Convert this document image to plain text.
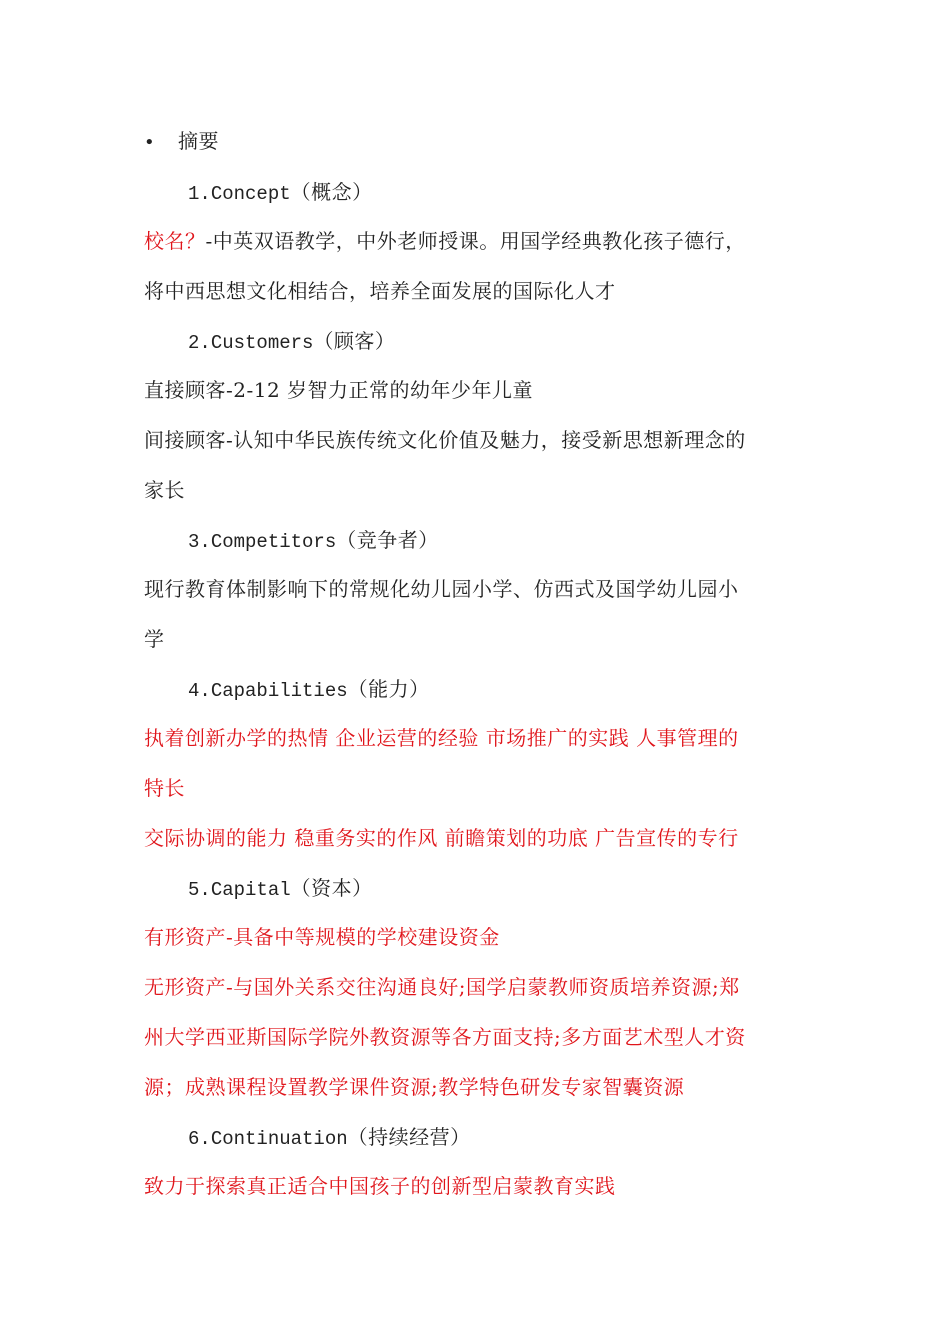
• 摘要
1.Concept（概念）
校名？-中英双语教学，中外老师授课。用国学经典教化孩子德行，
将中西思想文化相结合，培养全面发展的国际化人才
2.Customers（顾客）
直接顾客-2-12 岁智力正常的幼年少年儿童
间接顾客-认知中华民族传统文化价值及魅力，接受新思想新理念的
家长
3.Competitors（竞争者）
现行教育体制影响下的常规化幼儿园小学、仿西式及国学幼儿园小
学
4.Capabilities（能力）
执着创新办学的热情 企业运营的经验 市场推广的实践 人事管理的
特长
交际协调的能力 稳重务实的作风 前瞻策划的功底 广告宣传的专行
5.Capital（资本）
有形资产-具备中等规模的学校建设资金
无形资产-与国外关系交往沟通良好;国学启蒙教师资质培养资源;郑
州大学西亚斯国际学院外教资源等各方面支持;多方面艺术型人才资
源；成熟课程设置教学课件资源;教学特色研发专家智囊资源
6.Continuation（持续经营）
致力于探索真正适合中国孩子的创新型启蒙教育实践
